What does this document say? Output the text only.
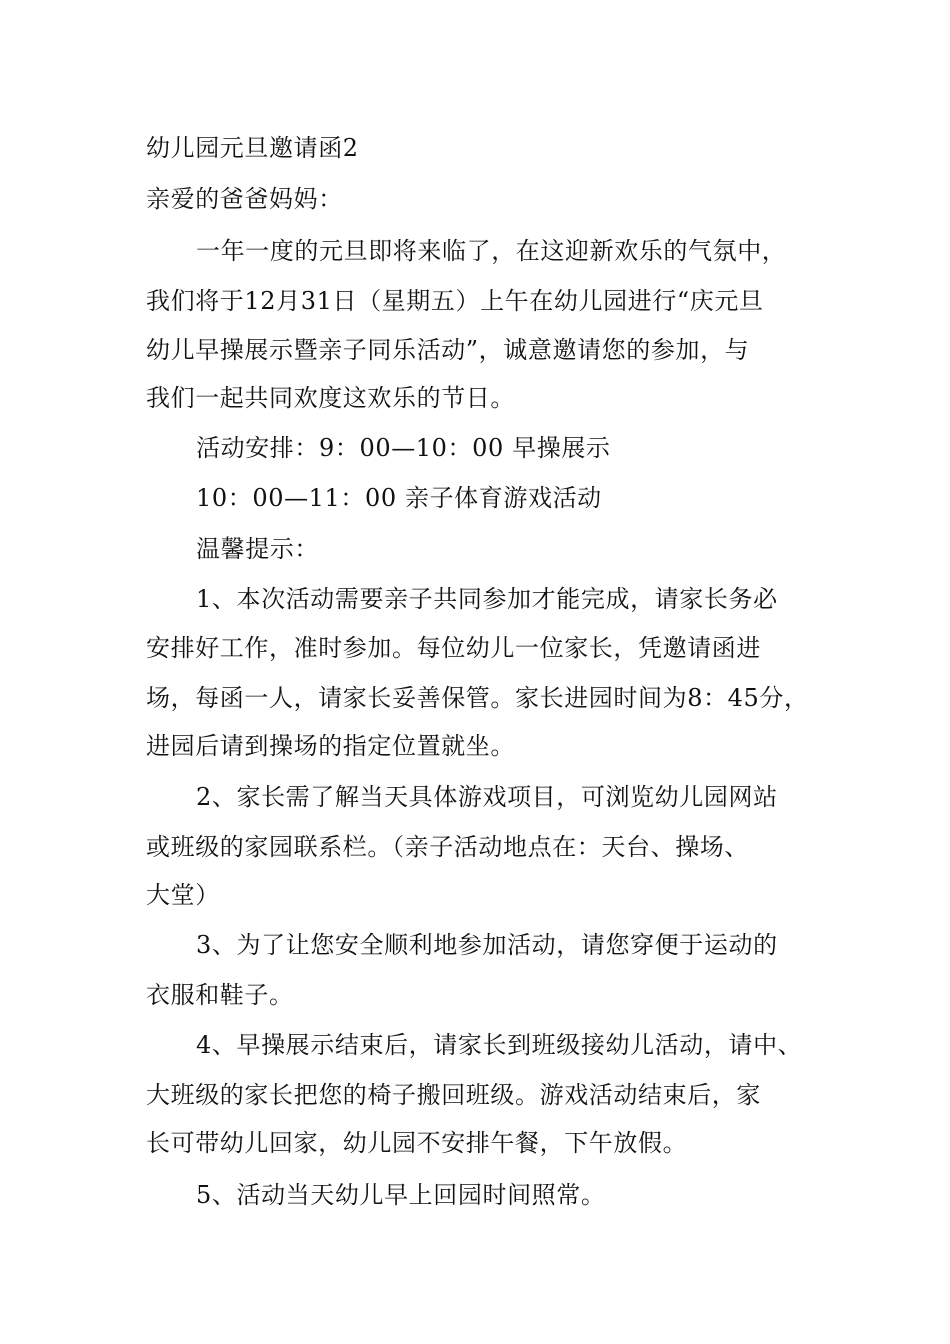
幼儿园元旦邀请函2
亲爱的爸爸妈妈：
一年一度的元旦即将来临了，在这迎新欢乐的气氛中，
我们将于12月31日（星期五）上午在幼儿园进行“庆元旦
幼儿早操展示暨亲子同乐活动”，诚意邀请您的参加，与
我们一起共同欢度这欢乐的节日。
活动安排：9：00—10：00 早操展示
10：00—11：00 亲子体育游戏活动
温馨提示：
1、本次活动需要亲子共同参加才能完成，请家长务必
安排好工作，准时参加。每位幼儿一位家长，凭邀请函进
场，每函一人，请家长妥善保管。家长进园时间为8：45分，
进园后请到操场的指定位置就坐。
2、家长需了解当天具体游戏项目，可浏览幼儿园网站
或班级的家园联系栏。（亲子活动地点在：天台、操场、
大堂）
3、为了让您安全顺利地参加活动，请您穿便于运动的
衣服和鞋子。
4、早操展示结束后，请家长到班级接幼儿活动，请中、
大班级的家长把您的椅子搬回班级。游戏活动结束后，家
长可带幼儿回家，幼儿园不安排午餐，下午放假。
5、活动当天幼儿早上回园时间照常。
